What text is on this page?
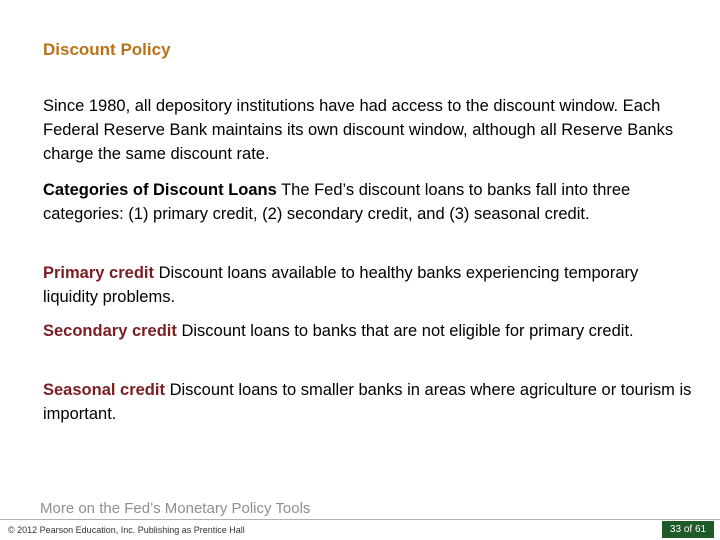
Discount Policy

Since 1980, all depository institutions have had access to the discount window. Each Federal Reserve Bank maintains its own discount window, although all Reserve Banks charge the same discount rate.

Categories of Discount Loans The Fed’s discount loans to banks fall into three categories: (1) primary credit, (2) secondary credit, and (3) seasonal credit.

Primary credit Discount loans available to healthy banks experiencing temporary liquidity problems.

Secondary credit Discount loans to banks that are not eligible for primary credit.

Seasonal credit Discount loans to smaller banks in areas where agriculture or tourism is important.

More on the Fed’s Monetary Policy Tools
© 2012 Pearson Education, Inc. Publishing as Prentice Hall	33 of 61
